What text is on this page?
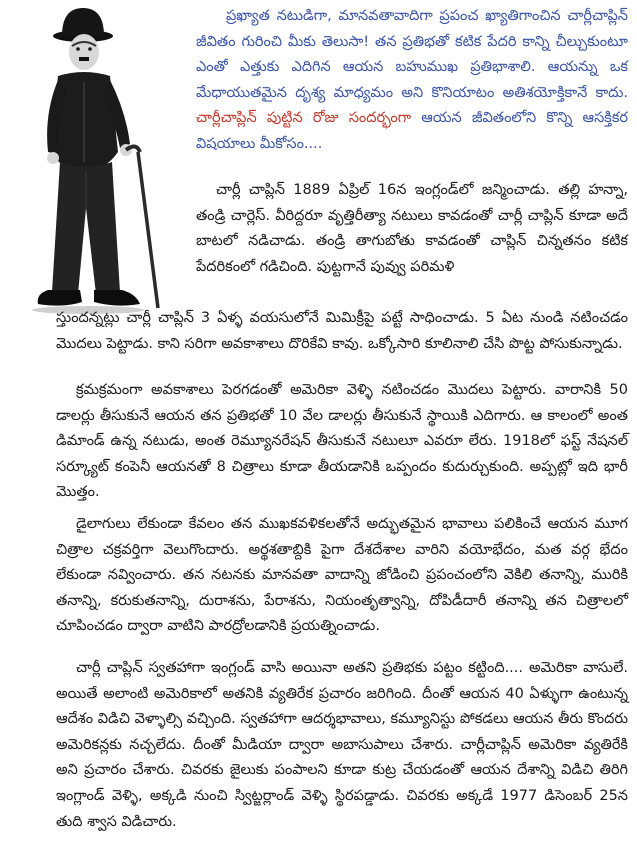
ప్రఖ్యాత నటుడిగా, మానవతావాదిగా ప్రపంచ ఖ్యాతిగాంచిన చార్లీచాప్లిన్ జీవితం గురించి మీకు తెలుసా! తన ప్రతిభతో కటిక పేదరి కాన్ని చీల్చుకుంటూ ఎంతో ఎత్తుకు ఎదిగిన ఆయన బహుముఖ ప్రతిభాశాలి. ఆయన్ను ఒక మేధాయుతమైన దృశ్య మాధ్యమం అని కొనియాటం అతిశయోక్తికానే కాదు. చార్లీచాప్లిన్ పుట్టిన రోజు సందర్భంగా ఆయన జీవితంలోని కొన్ని ఆసక్తికర విషయాలు మీకోసం....

చార్లీ చాప్లిన్ 1889 ఏప్రిల్ 16న ఇంగ్లండ్‌లో జన్మించాడు. తల్లి హన్నా, తండ్రి చార్లెస్. వీరిద్దరూ వృత్తిరీత్యా నటులు కావడంతో చార్లీ చాప్లిన్ కూడా అదే బాటలో నడిచాడు. తండ్రి తాగుబోతు కావడంతో చాప్లిన్ చిన్నతనం కటిక పేదరికంలో గడిచింది. పుట్టగానే పువ్వు పరిమళి

స్తుందన్నట్లు చార్లీ చాప్లిన్ 3 ఏళ్ళ వయసులోనే మిమిక్రీపై పట్టే సాధించాడు. 5 ఏట నుండి నటించడం మొదలు పెట్టాడు. కాని సరిగా అవకాశాలు దొరికేవి కావు. ఒక్కోసారి కూలినాలి చేసి పొట్ట పోసుకున్నాడు.

క్రమక్రమంగా అవకాశాలు పెరగడంతో అమెరికా వెళ్ళి నటించడం మొదలు పెట్టారు. వారానికి 50 డాలర్లు తీసుకునే ఆయన తన ప్రతిభతో 10 వేల డాలర్లు తీసుకునే స్థాయికి ఎదిగారు. ఆ కాలంలో అంత డిమాండ్ ఉన్న నటుడు, అంత రెమ్యూనరేషన్ తీసుకునే నటులూ ఎవరూ లేరు. 1918లో ఫస్ట్ నేషనల్ సర్క్యూట్ కంపెనీ ఆయనతో 8 చిత్రాలు కూడా తీయడానికి ఒప్పందం కుదుర్చుకుంది. అప్పట్లో ఇది భారీ మొత్తం.

డైలాగులు లేకుండా కేవలం తన ముఖకవళికలతోనే అద్భుతమైన భావాలు పలికించే ఆయన మూగ చిత్రాల చక్రవర్తిగా వెలుగొందారు. అర్థశతాబ్దికి పైగా దేశదేశాల వారిని వయోభేదం, మత వర్గ భేదం లేకుండా నవ్వించారు. తన నటనకు మానవతా వాదాన్ని జోడించి ప్రపంచంలోని వెకిలి తనాన్ని, మురికి తనాన్ని, కరుకుతనాన్ని, దురాశను, పేరాశను, నియంతృత్వాన్ని, దోపిడీదారీ తనాన్ని తన చిత్రాలలో చూపించడం ద్వారా వాటిని పారద్రోలడానికి ప్రయత్నించాడు.

చార్లీ చాప్లిన్ స్వతహాగా ఇంగ్లండ్ వాసి అయినా అతని ప్రతిభకు పట్టం కట్టింది.... అమెరికా వాసులే. అయితే అలాంటి అమెరికాలో అతనికి వ్యతిరేక ప్రచారం జరిగింది. దీంతో ఆయన 40 ఏళ్ళుగా ఉంటున్న ఆదేశం విడిచి వెళ్ళాల్సి వచ్చింది. స్వతహాగా ఆదర్శభావాలు, కమ్యూనిస్టు పోకడలు ఆయన తీరు కొందరు అమెరికన్లకు నచ్చలేదు. దీంతో మీడియా ద్వారా అబాసుపాలు చేశారు. చార్లీచాప్లిన్ అమెరికా వ్యతిరేకి అని ప్రచారం చేశారు. చివరకు జైలుకు పంపాలని కూడా కుట్ర చేయడంతో ఆయన దేశాన్ని విడిచి తిరిగి ఇంగ్లాండ్ వెళ్ళి, అక్కడి నుంచి స్విట్జర్లాండ్ వెళ్ళి స్థిరపడ్డాడు. చివరకు అక్కడే 1977 డిసెంబర్ 25న తుది శ్వాస విడిచారు.
